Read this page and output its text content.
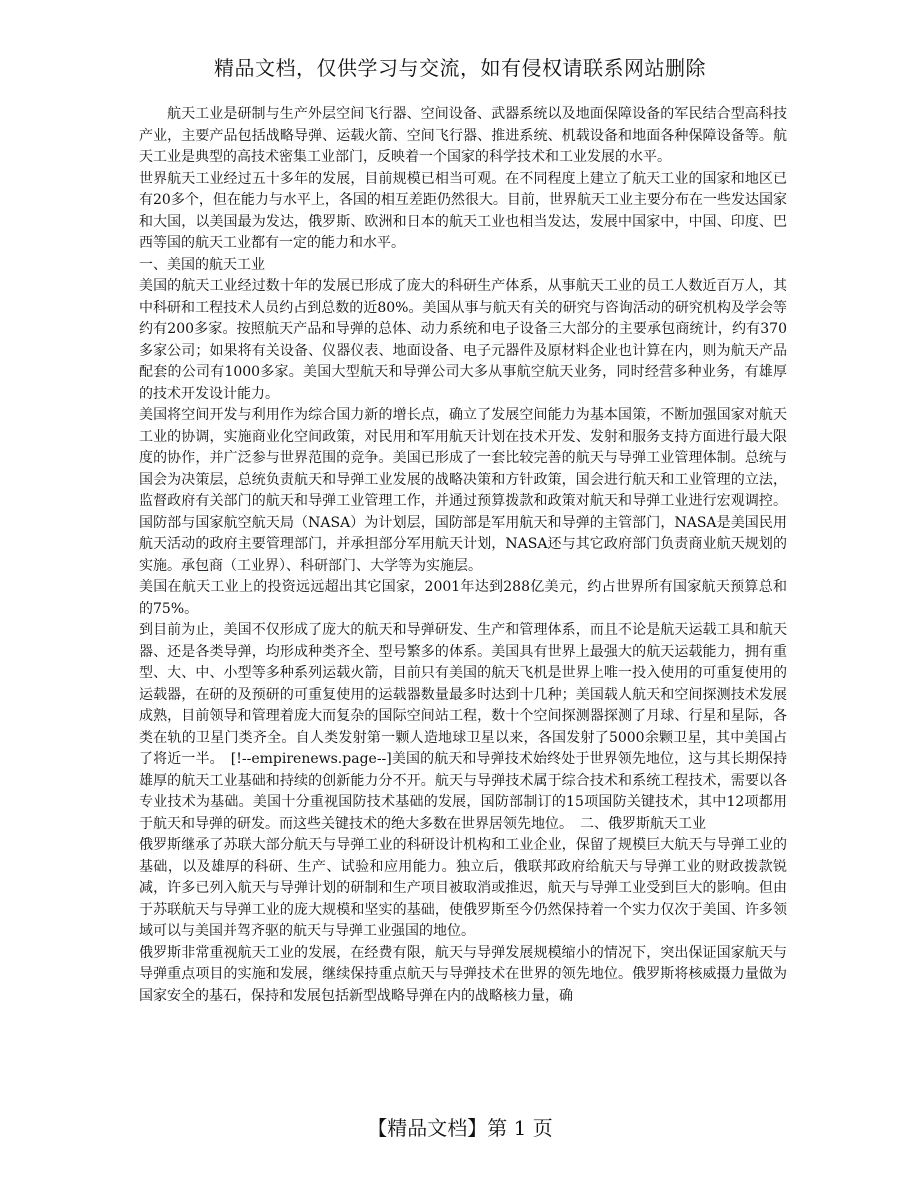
精品文档，仅供学习与交流，如有侵权请联系网站删除

航天工业是研制与生产外层空间飞行器、空间设备、武器系统以及地面保障设备的军民结合型高科技产业，主要产品包括战略导弹、运载火箭、空间飞行器、推进系统、机载设备和地面各种保障设备等。航天工业是典型的高技术密集工业部门，反映着一个国家的科学技术和工业发展的水平。

世界航天工业经过五十多年的发展，目前规模已相当可观。在不同程度上建立了航天工业的国家和地区已有20多个，但在能力与水平上，各国的相互差距仍然很大。目前，世界航天工业主要分布在一些发达国家和大国，以美国最为发达，俄罗斯、欧洲和日本的航天工业也相当发达，发展中国家中，中国、印度、巴西等国的航天工业都有一定的能力和水平。

一、美国的航天工业

美国的航天工业经过数十年的发展已形成了庞大的科研生产体系，从事航天工业的员工人数近百万人，其中科研和工程技术人员约占到总数的近80%。美国从事与航天有关的研究与咨询活动的研究机构及学会等约有200多家。按照航天产品和导弹的总体、动力系统和电子设备三大部分的主要承包商统计，约有370多家公司；如果将有关设备、仪器仪表、地面设备、电子元器件及原材料企业也计算在内，则为航天产品配套的公司有1000多家。美国大型航天和导弹公司大多从事航空航天业务，同时经营多种业务，有雄厚的技术开发设计能力。

美国将空间开发与利用作为综合国力新的增长点，确立了发展空间能力为基本国策，不断加强国家对航天工业的协调，实施商业化空间政策，对民用和军用航天计划在技术开发、发射和服务支持方面进行最大限度的协作，并广泛参与世界范围的竞争。美国已形成了一套比较完善的航天与导弹工业管理体制。总统与国会为决策层，总统负责航天和导弹工业发展的战略决策和方针政策，国会进行航天和工业管理的立法，监督政府有关部门的航天和导弹工业管理工作，并通过预算拨款和政策对航天和导弹工业进行宏观调控。国防部与国家航空航天局（NASA）为计划层，国防部是军用航天和导弹的主管部门，NASA是美国民用航天活动的政府主要管理部门，并承担部分军用航天计划，NASA还与其它政府部门负责商业航天规划的实施。承包商（工业界）、科研部门、大学等为实施层。

美国在航天工业上的投资远远超出其它国家，2001年达到288亿美元，约占世界所有国家航天预算总和的75%。

到目前为止，美国不仅形成了庞大的航天和导弹研发、生产和管理体系，而且不论是航天运载工具和航天器、还是各类导弹，均形成种类齐全、型号繁多的体系。美国具有世界上最强大的航天运载能力，拥有重型、大、中、小型等多种系列运载火箭，目前只有美国的航天飞机是世界上唯一投入使用的可重复使用的运载器，在研的及预研的可重复使用的运载器数量最多时达到十几种；美国载人航天和空间探测技术发展成熟，目前领导和管理着庞大而复杂的国际空间站工程，数十个空间探测器探测了月球、行星和星际，各类在轨的卫星门类齐全。自人类发射第一颗人造地球卫星以来，各国发射了5000余颗卫星，其中美国占了将近一半。　[!--empirenews.page--]美国的航天和导弹技术始终处于世界领先地位，这与其长期保持雄厚的航天工业基础和持续的创新能力分不开。航天与导弹技术属于综合技术和系统工程技术，需要以各专业技术为基础。美国十分重视国防技术基础的发展，国防部制订的15项国防关键技术，其中12项都用于航天和导弹的研发。而这些关键技术的绝大多数在世界居领先地位。　二、俄罗斯航天工业

俄罗斯继承了苏联大部分航天与导弹工业的科研设计机构和工业企业，保留了规模巨大航天与导弹工业的基础，以及雄厚的科研、生产、试验和应用能力。独立后，俄联邦政府给航天与导弹工业的财政拨款锐减，许多已列入航天与导弹计划的研制和生产项目被取消或推迟，航天与导弹工业受到巨大的影响。但由于苏联航天与导弹工业的庞大规模和坚实的基础，使俄罗斯至今仍然保持着一个实力仅次于美国、许多领域可以与美国并驾齐驱的航天与导弹工业强国的地位。

俄罗斯非常重视航天工业的发展，在经费有限，航天与导弹发展规模缩小的情况下，突出保证国家航天与导弹重点项目的实施和发展，继续保持重点航天与导弹技术在世界的领先地位。俄罗斯将核威摄力量做为国家安全的基石，保持和发展包括新型战略导弹在内的战略核力量，确

【精品文档】第 1 页
